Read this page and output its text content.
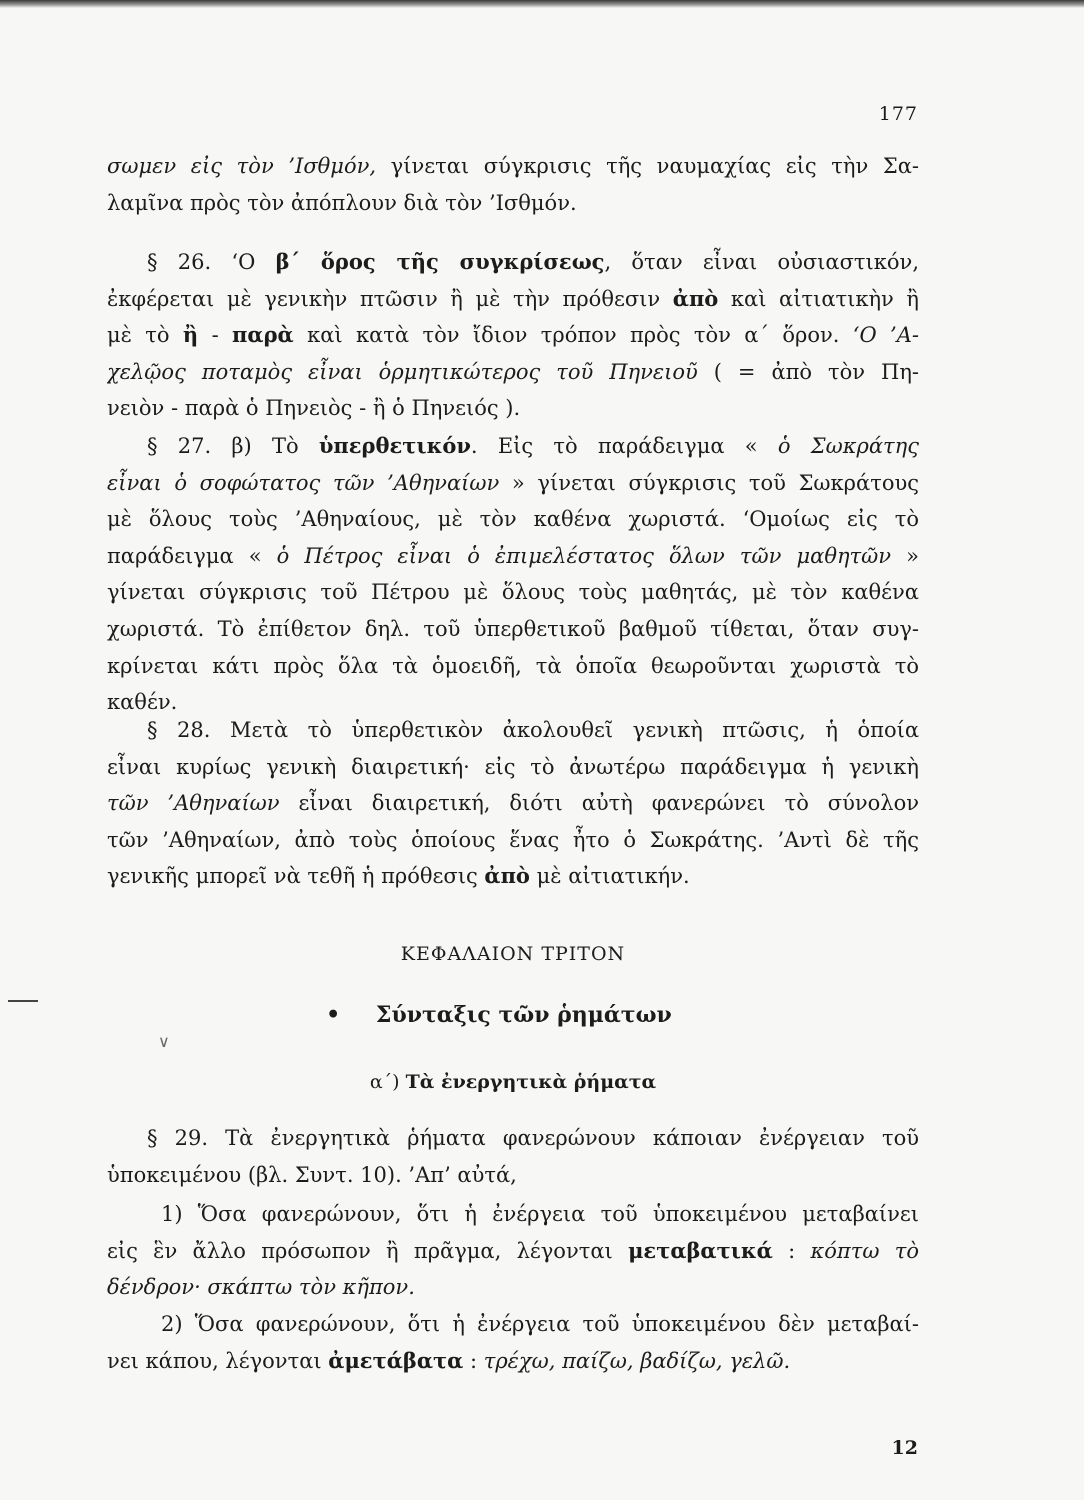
177
∨
σωμεν εἰς τὸν ’Ισθμόν, γίνεται σύγκρισις τῆς ναυμαχίας εἰς τὴν Σα-
λαμῖνα πρὸς τὸν ἀπόπλουν διὰ τὸν ’Ισθμόν.
§ 26. ‘Ο β΄ ὅρος τῆς συγκρίσεως, ὅταν εἶναι οὐσιαστικόν,
ἐκφέρεται μὲ γενικὴν πτῶσιν ἢ μὲ τὴν πρόθεσιν ἀπὸ καὶ αἰτιατικὴν ἢ
μὲ τὸ ἢ - παρὰ καὶ κατὰ τὸν ἴδιον τρόπον πρὸς τὸν α΄ ὅρον. ‘Ο ’Α-
χελῷος ποταμὸς εἶναι ὁρμητικώτερος τοῦ Πηνειοῦ ( = ἀπὸ τὸν Πη-
νειὸν - παρὰ ὁ Πηνειὸς - ἢ ὁ Πηνειός ).
§ 27. β) Τὸ ὑπερθετικόν. Εἰς τὸ παράδειγμα « ὁ Σωκράτης
εἶναι ὁ σοφώτατος τῶν ’Αθηναίων » γίνεται σύγκρισις τοῦ Σωκράτους
μὲ ὅλους τοὺς ’Αθηναίους, μὲ τὸν καθένα χωριστά. ‘Ομοίως εἰς τὸ
παράδειγμα « ὁ Πέτρος εἶναι ὁ ἐπιμελέστατος ὅλων τῶν μαθητῶν »
γίνεται σύγκρισις τοῦ Πέτρου μὲ ὅλους τοὺς μαθητάς, μὲ τὸν καθένα
χωριστά. Τὸ ἐπίθετον δηλ. τοῦ ὑπερθετικοῦ βαθμοῦ τίθεται, ὅταν συγ-
κρίνεται κάτι πρὸς ὅλα τὰ ὁμοειδῆ, τὰ ὁποῖα θεωροῦνται χωριστὰ τὸ
καθέν.
§ 28. Μετὰ τὸ ὑπερθετικὸν ἀκολουθεῖ γενικὴ πτῶσις, ἡ ὁποία
εἶναι κυρίως γενικὴ διαιρετική· εἰς τὸ ἀνωτέρω παράδειγμα ἡ γενικὴ
τῶν ’Αθηναίων εἶναι διαιρετική, διότι αὐτὴ φανερώνει τὸ σύνολον
τῶν ’Αθηναίων, ἀπὸ τοὺς ὁποίους ἕνας ἦτο ὁ Σωκράτης. ’Αντὶ δὲ τῆς
γενικῆς μπορεῖ νὰ τεθῆ ἡ πρόθεσις ἀπὸ μὲ αἰτιατικήν.
ΚΕΦΑΛΑΙΟΝ ΤΡΙΤΟΝ
• Σύνταξις τῶν ῥημάτων
α΄) Τὰ ἐνεργητικὰ ῥήματα
§ 29. Τὰ ἐνεργητικὰ ῥήματα φανερώνουν κάποιαν ἐνέργειαν τοῦ
ὑποκειμένου (βλ. Συντ. 10). ’Απ’ αὐτά,
1) Ὅσα φανερώνουν, ὅτι ἡ ἐνέργεια τοῦ ὑποκειμένου μεταβαίνει
εἰς ἓν ἄλλο πρόσωπον ἢ πρᾶγμα, λέγονται μεταβατικά : κόπτω τὸ
δένδρον· σκάπτω τὸν κῆπον.
2) Ὅσα φανερώνουν, ὅτι ἡ ἐνέργεια τοῦ ὑποκειμένου δὲν μεταβαί-
νει κάπου, λέγονται ἀμετάβατα : τρέχω, παίζω, βαδίζω, γελῶ.
12
